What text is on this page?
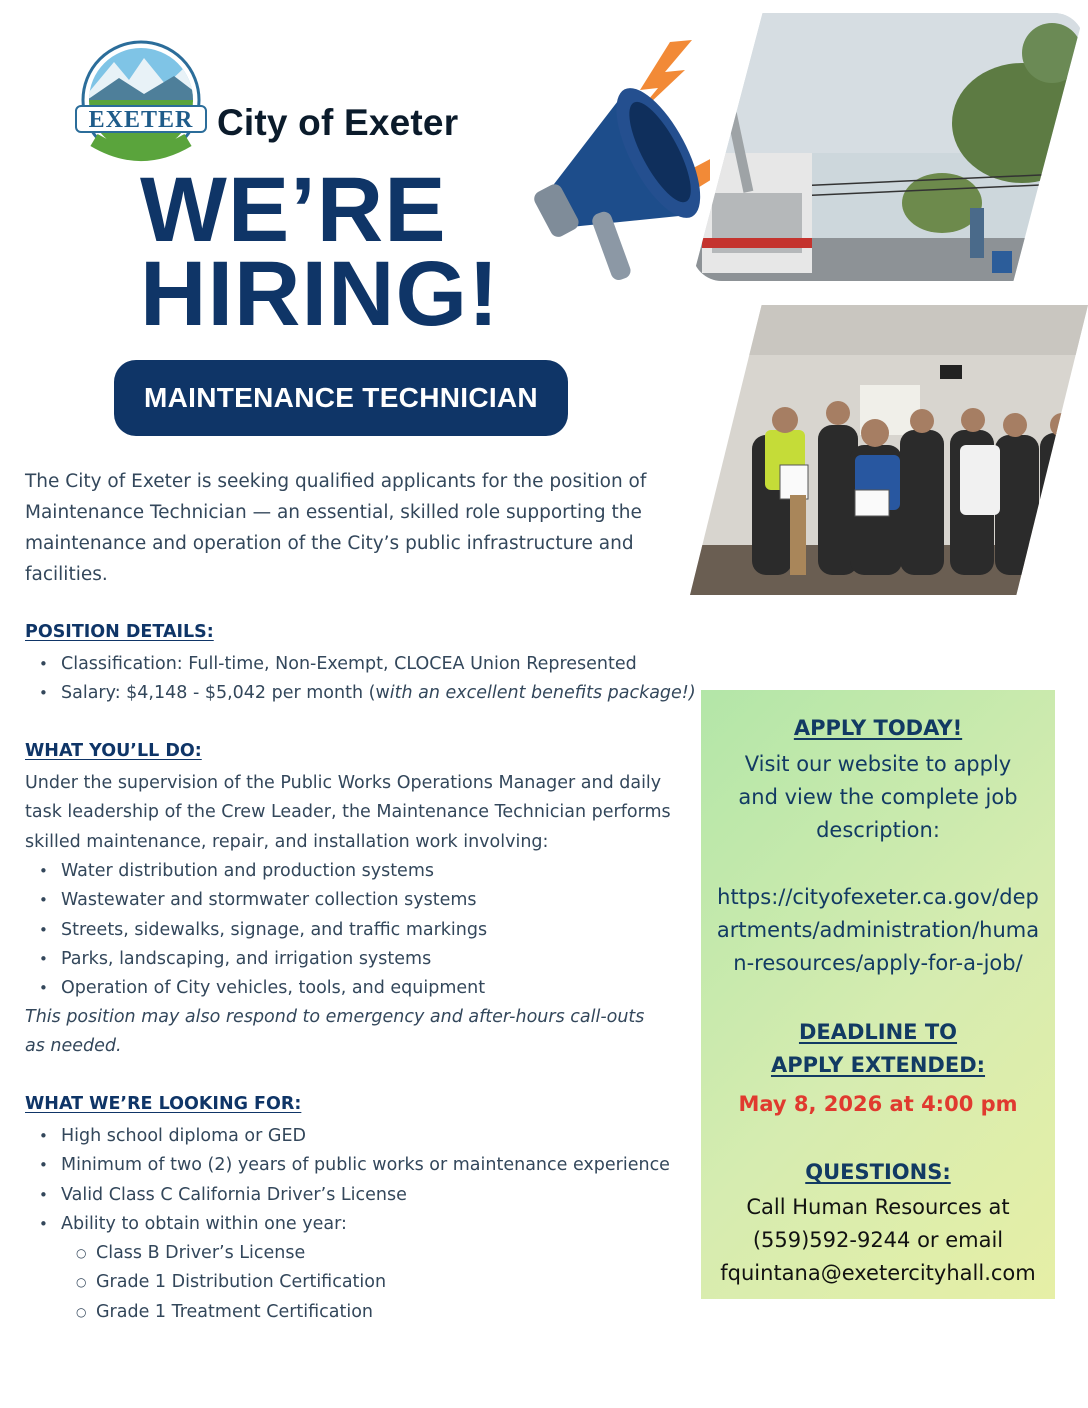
EXETER City of Exeter
WE’RE
HIRING!
MAINTENANCE TECHNICIAN
The City of Exeter is seeking qualified applicants for the position of Maintenance Technician — an essential, skilled role supporting the maintenance and operation of the City’s public infrastructure and facilities.
POSITION DETAILS:
• Classification: Full-time, Non-Exempt, CLOCEA Union Represented
• Salary: $4,148 - $5,042 per month (with an excellent benefits package!)
WHAT YOU’LL DO:
Under the supervision of the Public Works Operations Manager and daily task leadership of the Crew Leader, the Maintenance Technician performs skilled maintenance, repair, and installation work involving:
• Water distribution and production systems
• Wastewater and stormwater collection systems
• Streets, sidewalks, signage, and traffic markings
• Parks, landscaping, and irrigation systems
• Operation of City vehicles, tools, and equipment
This position may also respond to emergency and after-hours call-outs as needed.
WHAT WE’RE LOOKING FOR:
• High school diploma or GED
• Minimum of two (2) years of public works or maintenance experience
• Valid Class C California Driver’s License
• Ability to obtain within one year:
○ Class B Driver’s License
○ Grade 1 Distribution Certification
○ Grade 1 Treatment Certification
APPLY TODAY!
Visit our website to apply and view the complete job description:
https://cityofexeter.ca.gov/departments/administration/human-resources/apply-for-a-job/
DEADLINE TO APPLY EXTENDED:
May 8, 2026 at 4:00 pm
QUESTIONS:
Call Human Resources at (559)592-9244 or email fquintana@exetercityhall.com
